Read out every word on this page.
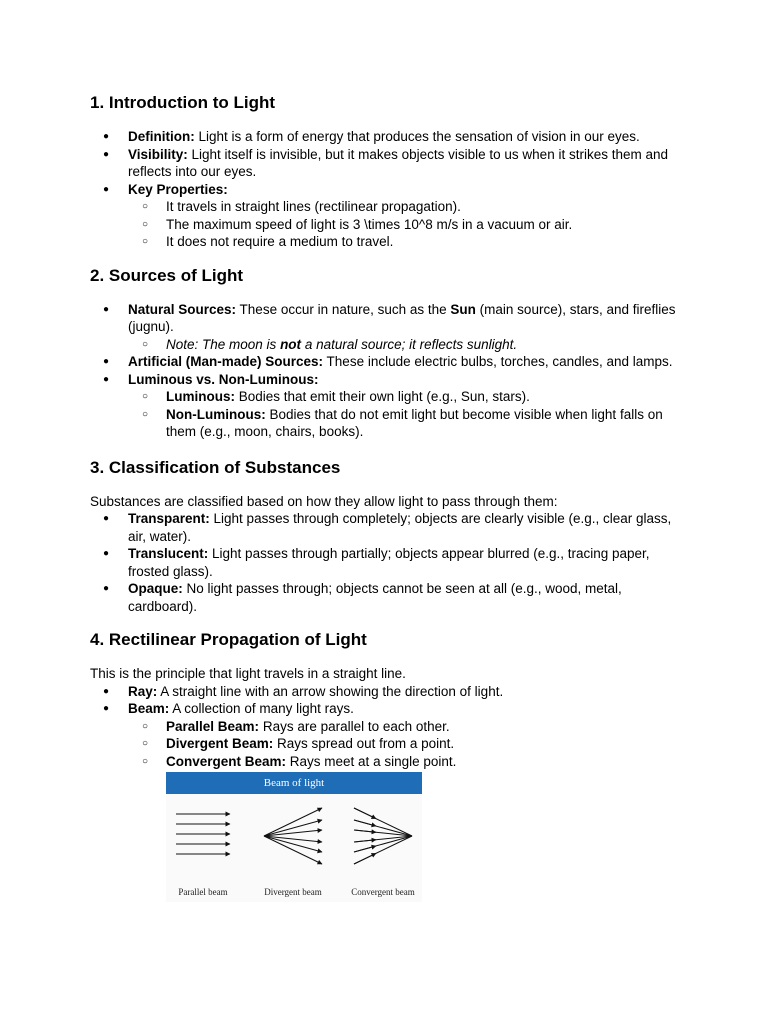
1. Introduction to Light
● Definition: Light is a form of energy that produces the sensation of vision in our eyes.
● Visibility: Light itself is invisible, but it makes objects visible to us when it strikes them and reflects into our eyes.
● Key Properties:
○ It travels in straight lines (rectilinear propagation).
○ The maximum speed of light is 3 \times 10^8 m/s in a vacuum or air.
○ It does not require a medium to travel.
2. Sources of Light
● Natural Sources: These occur in nature, such as the Sun (main source), stars, and fireflies (jugnu).
○ Note: The moon is not a natural source; it reflects sunlight.
● Artificial (Man-made) Sources: These include electric bulbs, torches, candles, and lamps.
● Luminous vs. Non-Luminous:
○ Luminous: Bodies that emit their own light (e.g., Sun, stars).
○ Non-Luminous: Bodies that do not emit light but become visible when light falls on them (e.g., moon, chairs, books).
3. Classification of Substances

Substances are classified based on how they allow light to pass through them:

● Transparent: Light passes through completely; objects are clearly visible (e.g., clear glass, air, water).
● Translucent: Light passes through partially; objects appear blurred (e.g., tracing paper, frosted glass).
● Opaque: No light passes through; objects cannot be seen at all (e.g., wood, metal, cardboard).
4. Rectilinear Propagation of Light

This is the principle that light travels in a straight line.

● Ray: A straight line with an arrow showing the direction of light.
● Beam: A collection of many light rays.
○ Parallel Beam: Rays are parallel to each other.
○ Divergent Beam: Rays spread out from a point.
○ Convergent Beam: Rays meet at a single point.
Beam of light
Parallel beam	Divergent beam	Convergent beam
